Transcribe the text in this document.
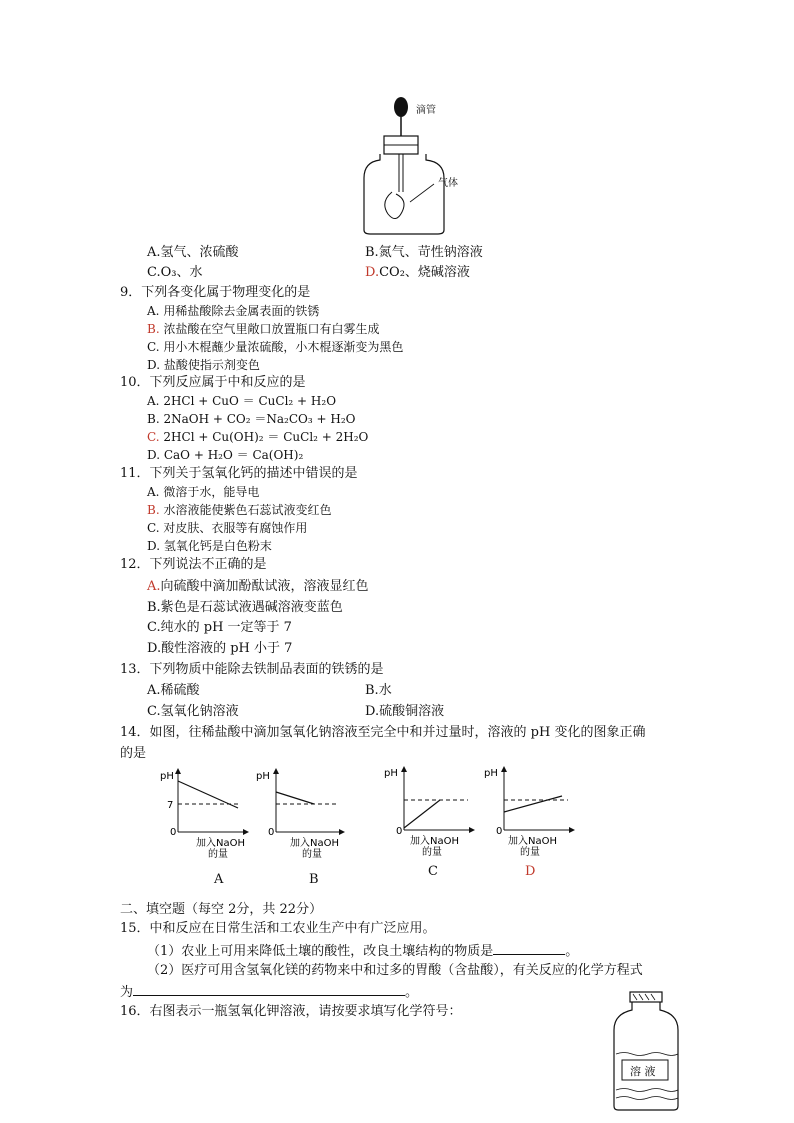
滴管
气体
A.氢气、浓硫酸	B.氮气、苛性钠溶液
C.O₃、水	D.CO₂、烧碱溶液
9．下列各变化属于物理变化的是
A. 用稀盐酸除去金属表面的铁锈
B. 浓盐酸在空气里敞口放置瓶口有白雾生成
C. 用小木棍蘸少量浓硫酸，小木棍逐渐变为黑色
D. 盐酸使指示剂变色
10．下列反应属于中和反应的是
A. 2HCl + CuO ＝ CuCl₂ + H₂O
B. 2NaOH + CO₂ ＝Na₂CO₃ + H₂O
C. 2HCl + Cu(OH)₂ ＝ CuCl₂ + 2H₂O
D. CaO + H₂O ＝ Ca(OH)₂
11．下列关于氢氧化钙的描述中错误的是
A. 微溶于水，能导电
B. 水溶液能使紫色石蕊试液变红色
C. 对皮肤、衣服等有腐蚀作用
D. 氢氧化钙是白色粉末
12．下列说法不正确的是
A.向硫酸中滴加酚酞试液，溶液显红色
B.紫色是石蕊试液遇碱溶液变蓝色
C.纯水的 pH 一定等于 7
D.酸性溶液的 pH 小于 7
13．下列物质中能除去铁制品表面的铁锈的是
A.稀硫酸	B.水
C.氢氧化钠溶液	D.硫酸铜溶液
14．如图，往稀盐酸中滴加氢氧化钠溶液至完全中和并过量时，溶液的 pH 变化的图象正确
的是
pH
7
0
加入NaOH
的量
A
pH
0
加入NaOH
的量
B
pH
0
加入NaOH
的量
C
pH
0
加入NaOH
的量
D
二、填空题（每空 2分，共 22分）
15．中和反应在日常生活和工农业生产中有广泛应用。
（1）农业上可用来降低土壤的酸性，改良土壤结构的物质是	。
（2）医疗可用含氢氧化镁的药物来中和过多的胃酸（含盐酸），有关反应的化学方程式
为	。
16．右图表示一瓶氢氧化钾溶液，请按要求填写化学符号：
溶 液
